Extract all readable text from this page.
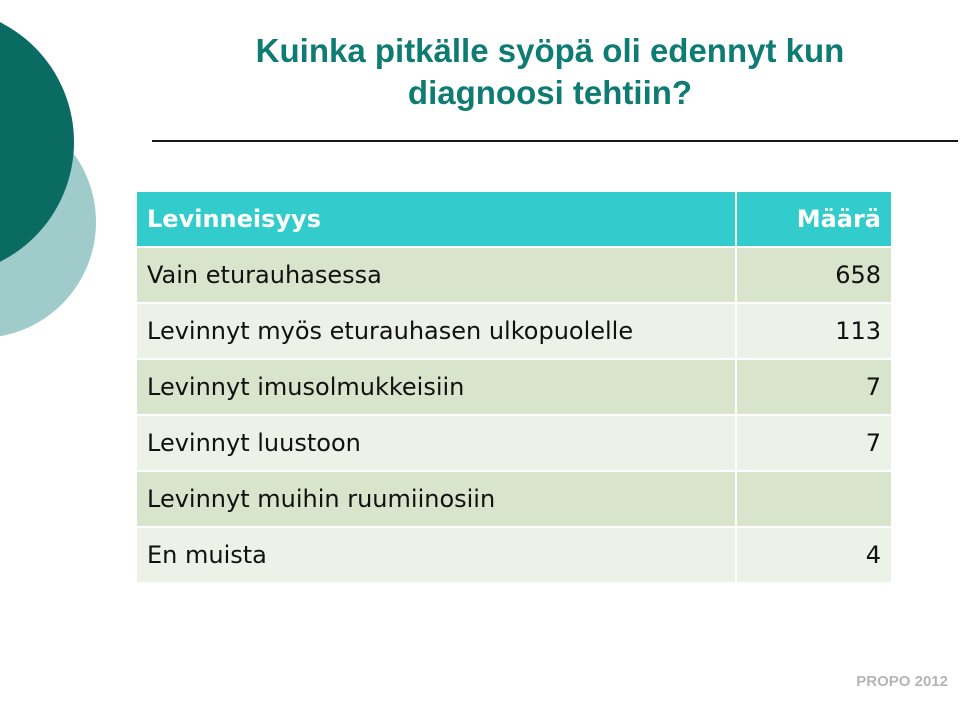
Kuinka pitkälle syöpä oli edennyt kun
diagnoosi tehtiin?
Levinneisyys	Määrä
Vain eturauhasessa	658
Levinnyt myös eturauhasen ulkopuolelle	113
Levinnyt imusolmukkeisiin	7
Levinnyt luustoon	7
Levinnyt muihin ruumiinosiin	
En muista	4
PROPO 2012
